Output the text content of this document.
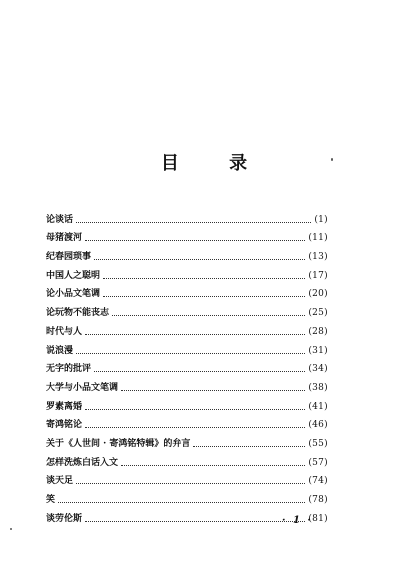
目 录
论谈话	(1)
母猪渡河	(11)
纪春园琐事	(13)
中国人之聪明	(17)
论小品文笔调	(20)
论玩物不能丧志	(25)
时代与人	(28)
说浪漫	(31)
无字的批评	(34)
大学与小品文笔调	(38)
罗素离婚	(41)
寄鸿铭论	(46)
关于《人世间 · 寄鸿铭特辑》的弁言	(55)
怎样洗炼白话入文	(57)
谈天足	(74)
笑	(78)
谈劳伦斯	(81)
· 1 ·
